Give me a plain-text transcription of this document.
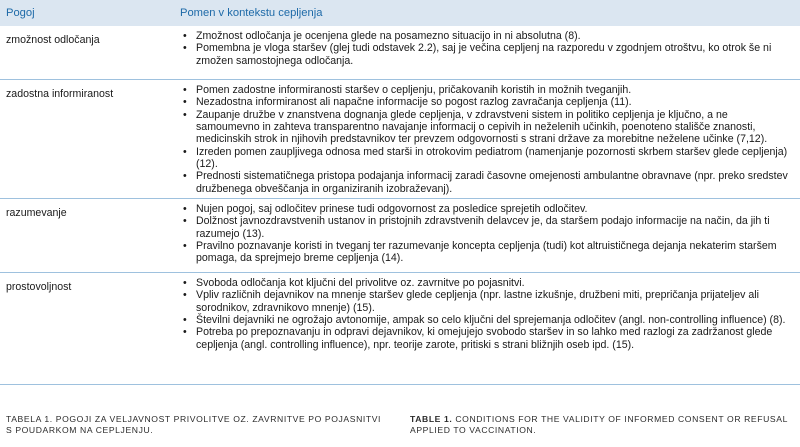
Pogoj	Pomen v kontekstu cepljenja
zmožnost odločanja	• Zmožnost odločanja je ocenjena glede na posamezno situacijo in ni absolutna (8).
• Pomembna je vloga staršev (glej tudi odstavek 2.2), saj je večina cepljenj na razporedu v zgodnjem otroštvu, ko otrok še ni zmožen samostojnega odločanja.
zadostna informiranost	• Pomen zadostne informiranosti staršev o cepljenju, pričakovanih koristih in možnih tveganjih.
• Nezadostna informiranost ali napačne informacije so pogost razlog zavračanja cepljenja (11).
• Zaupanje družbe v znanstvena dognanja glede cepljenja, v zdravstveni sistem in politiko cepljenja je ključno, a ne samoumevno in zahteva transparentno navajanje informacij o cepivih in neželenih učinkih, poenoteno stališče znanosti, medicinskih strok in njihovih predstavnikov ter prevzem odgovornosti s strani države za morebitne neželene učinke (7,12).
• Izreden pomen zaupljivega odnosa med starši in otrokovim pediatrom (namenjanje pozornosti skrbem staršev glede cepljenja) (12).
• Prednosti sistematičnega pristopa podajanja informacij zaradi časovne omejenosti ambulantne obravnave (npr. preko sredstev družbenega obveščanja in organiziranih izobraževanj).
razumevanje	• Nujen pogoj, saj odločitev prinese tudi odgovornost za posledice sprejetih odločitev.
• Dolžnost javnozdravstvenih ustanov in pristojnih zdravstvenih delavcev je, da staršem podajo informacije na način, da jih ti razumejo (13).
• Pravilno poznavanje koristi in tveganj ter razumevanje koncepta cepljenja (tudi) kot altruističnega dejanja nekaterim staršem pomaga, da sprejmejo breme cepljenja (14).
prostovoljnost	• Svoboda odločanja kot ključni del privolitve oz. zavrnitve po pojasnitvi.
• Vpliv različnih dejavnikov na mnenje staršev glede cepljenja (npr. lastne izkušnje, družbeni miti, prepričanja prijateljev ali sorodnikov, zdravnikovo mnenje) (15).
• Številni dejavniki ne ogrožajo avtonomije, ampak so celo ključni del sprejemanja odločitev (angl. non-controlling influence) (8).
• Potreba po prepoznavanju in odpravi dejavnikov, ki omejujejo svobodo staršev in so lahko med razlogi za zadržanost glede cepljenja (angl. controlling influence), npr. teorije zarote, pritiski s strani bližnjih oseb ipd. (15).
TABELA 1. POGOJI ZA VELJAVNOST PRIVOLITVE OZ. ZAVRNITVE PO POJASNITVI S POUDARKOM NA CEPLJENJU.
TABLE 1. CONDITIONS FOR THE VALIDITY OF INFORMED CONSENT OR REFUSAL APPLIED TO VACCINATION.
